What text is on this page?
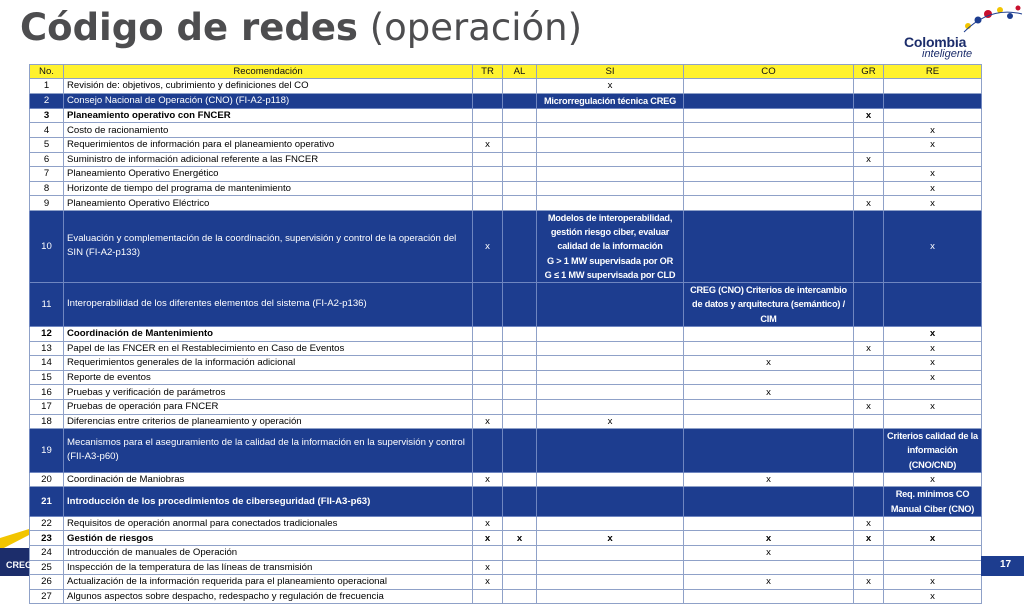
Código de redes (operación)	Colombia
inteligente
No.	Recomendación	TR	AL	SI	CO	GR	RE
1	Revisión de: objetivos, cubrimiento y definiciones del CO			x			
2	Consejo Nacional de Operación (CNO) (FI-A2-p118)			Microrregulación técnica CREG			
3	Planeamiento operativo con FNCER					x	
4	Costo de racionamiento						x
5	Requerimientos de información para el planeamiento operativo	x					x
6	Suministro de información adicional referente a las FNCER					x	
7	Planeamiento Operativo Energético						x
8	Horizonte de tiempo del programa de mantenimiento						x
9	Planeamiento Operativo Eléctrico					x	x
10	Evaluación y complementación de la coordinación, supervisión y control de la operación del SIN (FI-A2-p133)	x		Modelos de interoperabilidad, gestión riesgo ciber, evaluar calidad de la información
G > 1 MW supervisada por OR
G ≤ 1 MW supervisada por CLD			x
11	Interoperabilidad de los diferentes elementos del sistema (FI-A2-p136)				CREG (CNO) Criterios de intercambio de datos y arquitectura (semántico) / CIM		
12	Coordinación de Mantenimiento						x
13	Papel de las FNCER en el Restablecimiento en Caso de Eventos					x	x
14	Requerimientos generales de la información adicional				x		x
15	Reporte de eventos						x
16	Pruebas y verificación de parámetros				x		
17	Pruebas de operación para FNCER					x	x
18	Diferencias entre criterios de planeamiento y operación	x		x			
19	Mecanismos para el aseguramiento de la calidad de la información en la supervisión y control (FII-A3-p60)						Criterios calidad de la información (CNO/CND)
20	Coordinación de Maniobras	x			x		x
21	Introducción de los procedimientos de ciberseguridad (FII-A3-p63)						Req. mínimos CO Manual Ciber (CNO)
22	Requisitos de operación anormal para conectados tradicionales	x				x	
23	Gestión de riesgos	x	x	x	x	x	x
24	Introducción de manuales de Operación				x		
25	Inspección de la temperatura de las líneas de transmisión	x					
26	Actualización de la información requerida para el planeamiento operacional	x			x	x	x
27	Algunos aspectos sobre despacho, redespacho y regulación de frecuencia						x
CREG	17
